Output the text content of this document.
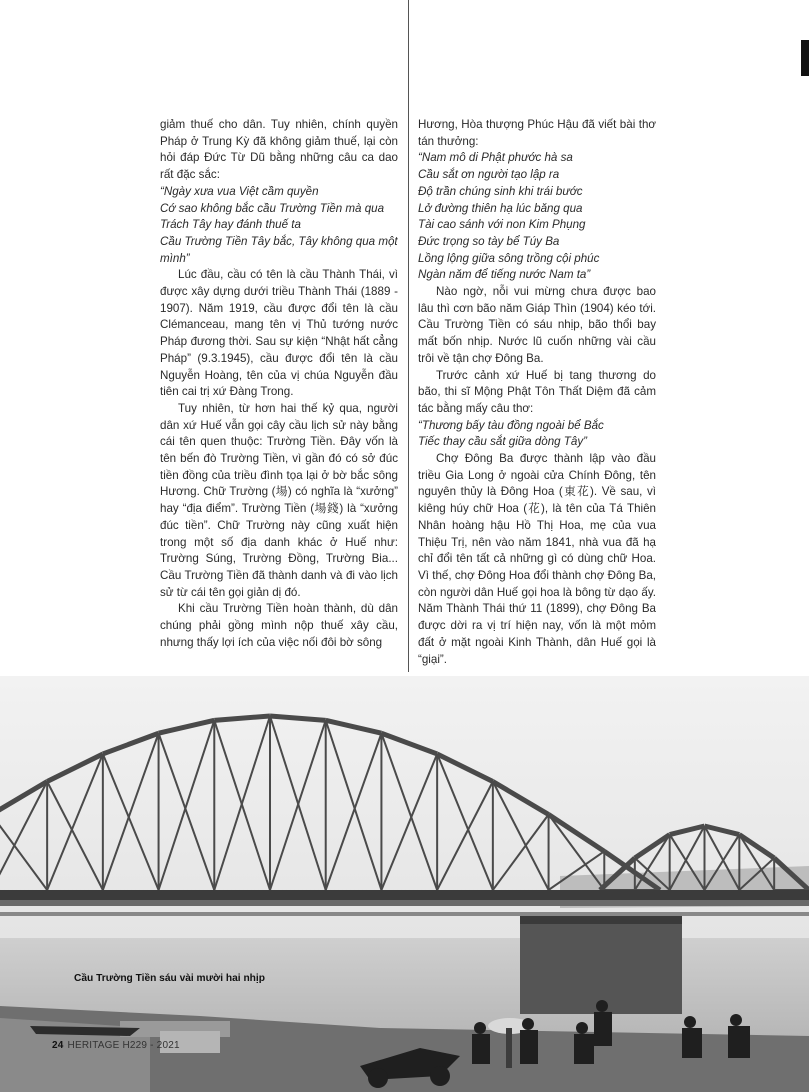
giảm thuế cho dân. Tuy nhiên, chính quyền Pháp ở Trung Kỳ đã không giảm thuế, lại còn hỏi đáp Đức Từ Dũ bằng những câu ca dao rất đặc sắc:

“Ngày xưa vua Việt cầm quyền

Cớ sao không bắc cầu Trường Tiền mà qua

Trách Tây hay đánh thuế ta

Cầu Trường Tiền Tây bắc, Tây không qua một mình”

Lúc đầu, cầu có tên là cầu Thành Thái, vì được xây dựng dưới triều Thành Thái (1889 - 1907). Năm 1919, cầu được đổi tên là cầu Clémanceau, mang tên vị Thủ tướng nước Pháp đương thời. Sau sự kiện “Nhật hất cẳng Pháp” (9.3.1945), cầu được đổi tên là cầu Nguyễn Hoàng, tên của vị chúa Nguyễn đầu tiên cai trị xứ Đàng Trong.

Tuy nhiên, từ hơn hai thế kỷ qua, người dân xứ Huế vẫn gọi cây cầu lịch sử này bằng cái tên quen thuộc: Trường Tiền. Đây vốn là tên bến đò Trường Tiền, vì gần đó có sở đúc tiền đồng của triều đình tọa lại ở bờ bắc sông Hương. Chữ Trường (場) có nghĩa là “xưởng” hay “địa điểm”. Trường Tiền (場錢) là “xưởng đúc tiền”. Chữ Trường này cũng xuất hiện trong một số địa danh khác ở Huế như: Trường Súng, Trường Đồng, Trường Bia... Cầu Trường Tiền đã thành danh và đi vào lịch sử từ cái tên gọi giản dị đó.

Khi cầu Trường Tiền hoàn thành, dù dân chúng phải gồng mình nộp thuế xây cầu, nhưng thấy lợi ích của việc nối đôi bờ sông

Hương, Hòa thượng Phúc Hậu đã viết bài thơ tán thưởng:

“Nam mô di Phật phước hà sa

Cầu sắt ơn người tạo lập ra

Độ trần chúng sinh khi trái bước

Lở đường thiên hạ lúc băng qua

Tài cao sánh với non Kim Phụng

Đức trọng so tày bể Túy Ba

Lồng lộng giữa sông trồng cội phúc

Ngàn năm để tiếng nước Nam ta”

Nào ngờ, nỗi vui mừng chưa được bao lâu thì cơn bão năm Giáp Thìn (1904) kéo tới. Cầu Trường Tiền có sáu nhịp, bão thổi bay mất bốn nhịp. Nước lũ cuốn những vài cầu trôi về tận chợ Đông Ba.

Trước cảnh xứ Huế bị tang thương do bão, thi sĩ Mộng Phật Tôn Thất Diệm đã cảm tác bằng mấy câu thơ:

“Thương bấy tàu đồng ngoài bể Bắc

Tiếc thay cầu sắt giữa dòng Tây”

Chợ Đông Ba được thành lập vào đầu triều Gia Long ở ngoài cửa Chính Đông, tên nguyên thủy là Đông Hoa (東花). Về sau, vì kiêng húy chữ Hoa (花), là tên của Tá Thiên Nhân hoàng hậu Hồ Thị Hoa, mẹ của vua Thiệu Trị, nên vào năm 1841, nhà vua đã hạ chỉ đổi tên tất cả những gì có dùng chữ Hoa. Vì thế, chợ Đông Hoa đổi thành chợ Đông Ba, còn người dân Huế gọi hoa là bông từ dạo ấy. Năm Thành Thái thứ 11 (1899), chợ Đông Ba được dời ra vị trí hiện nay, vốn là một mỏm đất ở mặt ngoài Kinh Thành, dân Huế gọi là “giại”.

Cầu Trường Tiền sáu vài mười hai nhịp
24 HERITAGE H229 - 2021
